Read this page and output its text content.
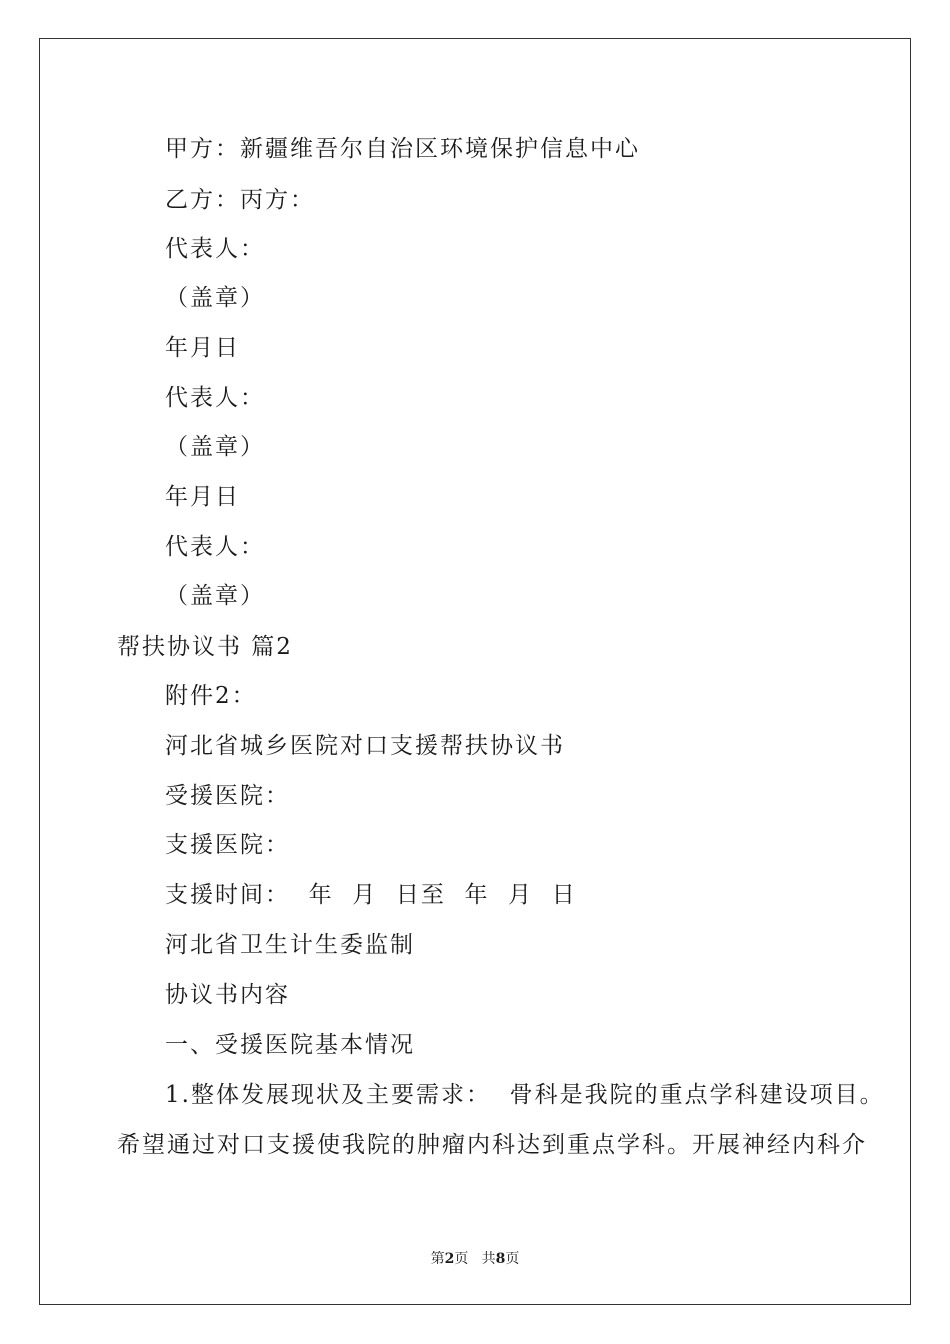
甲方：新疆维吾尔自治区环境保护信息中心
乙方：丙方：
代表人：
（盖章）
年月日
代表人：
（盖章）
年月日
代表人：
（盖章）
帮扶协议书 篇2
附件2：
河北省城乡医院对口支援帮扶协议书
受援医院：
支援医院：
支援时间：  年  月  日至  年  月  日
河北省卫生计生委监制
协议书内容
一、受援医院基本情况
1.整体发展现状及主要需求：  骨科是我院的重点学科建设项目。
希望通过对口支援使我院的肿瘤内科达到重点学科。开展神经内科介
第2页 共8页
